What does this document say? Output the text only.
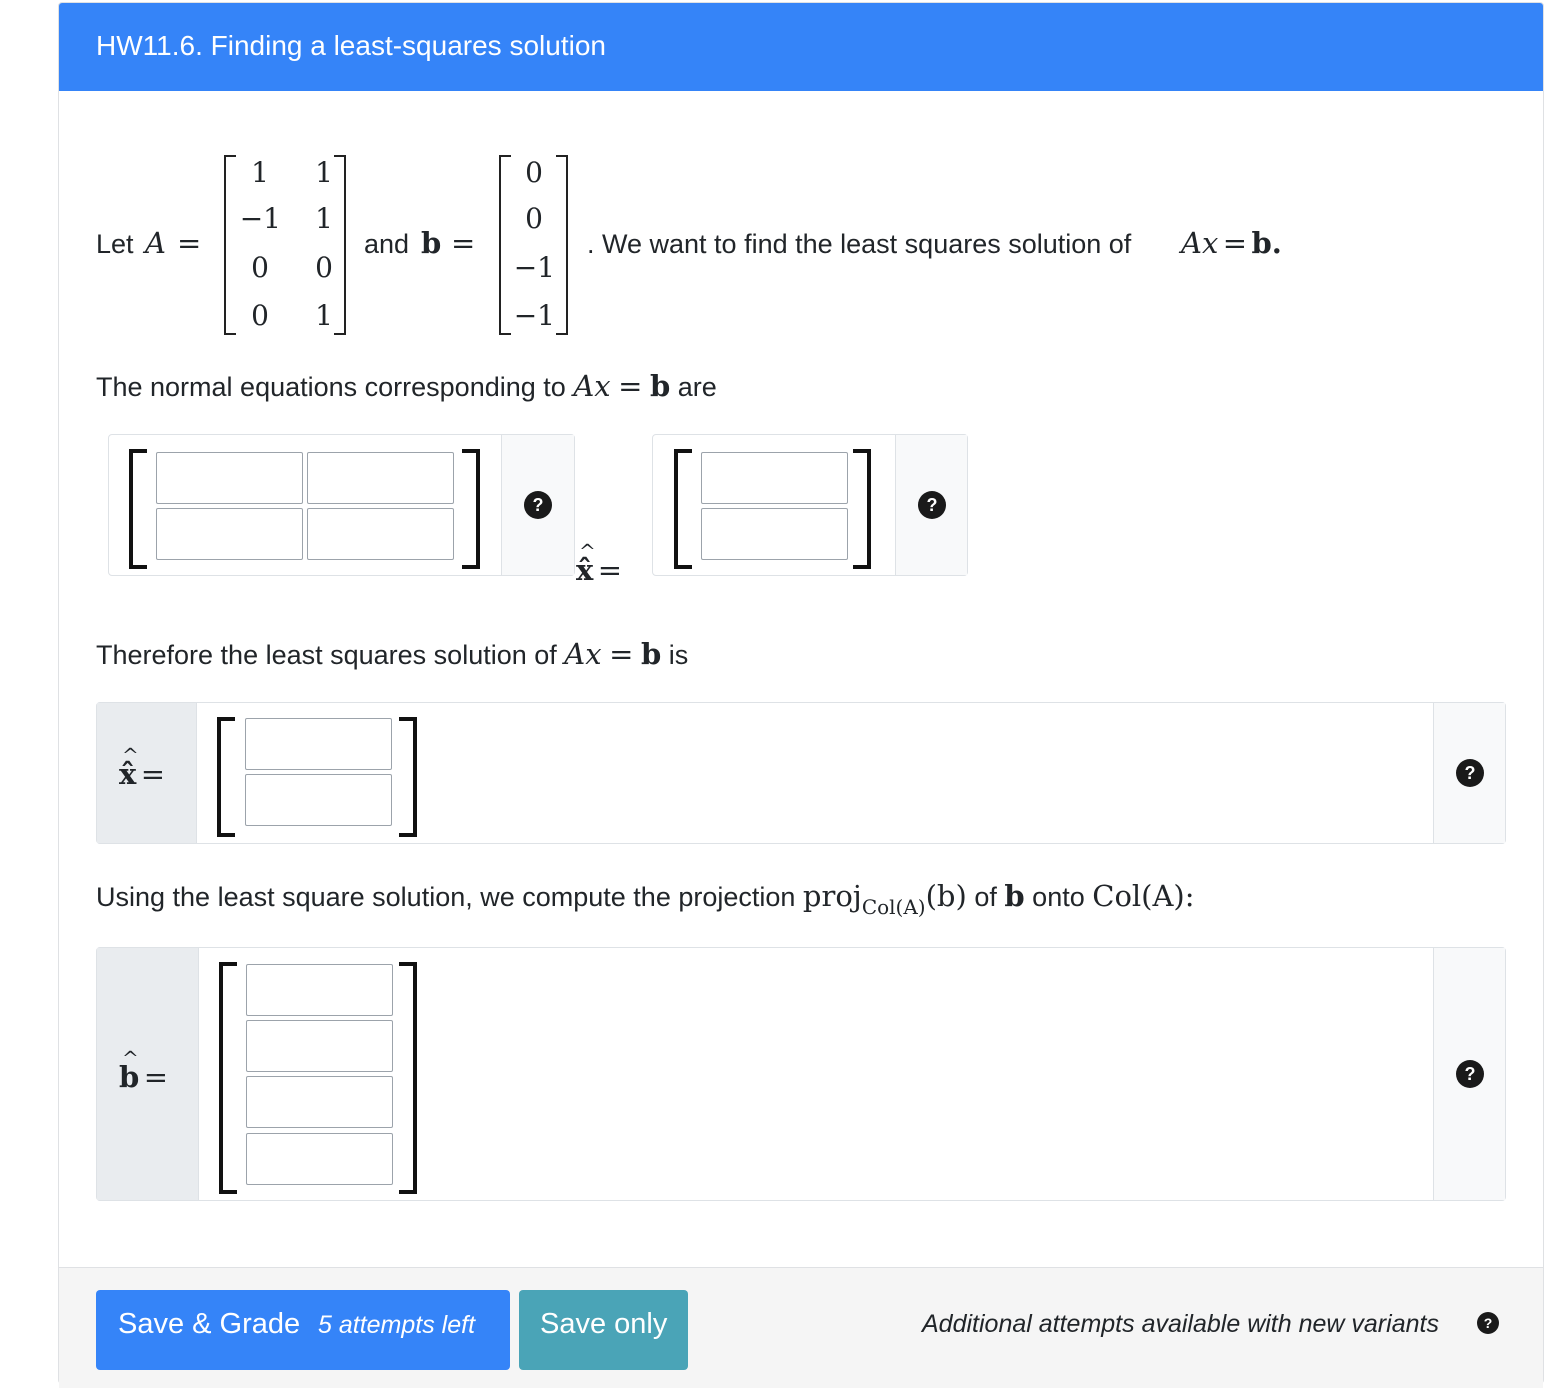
HW11.6. Finding a least-squares solution
Let A =
1	1
−1	1
0	0
0	1
and b =
0
0
−1
−1
. We want to find the least squares solution of Ax = b.
The normal equations corresponding to Ax = b are
?
^ x̂ =
?
Therefore the least squares solution of Ax = b is
^ x̂ =	?
Using the least square solution, we compute the projection proj$_{Col(A)}$(b) of b onto Col(A):
^ b =	?
Save & Grade 5 attempts left Save only	Additional attempts available with new variants	?
